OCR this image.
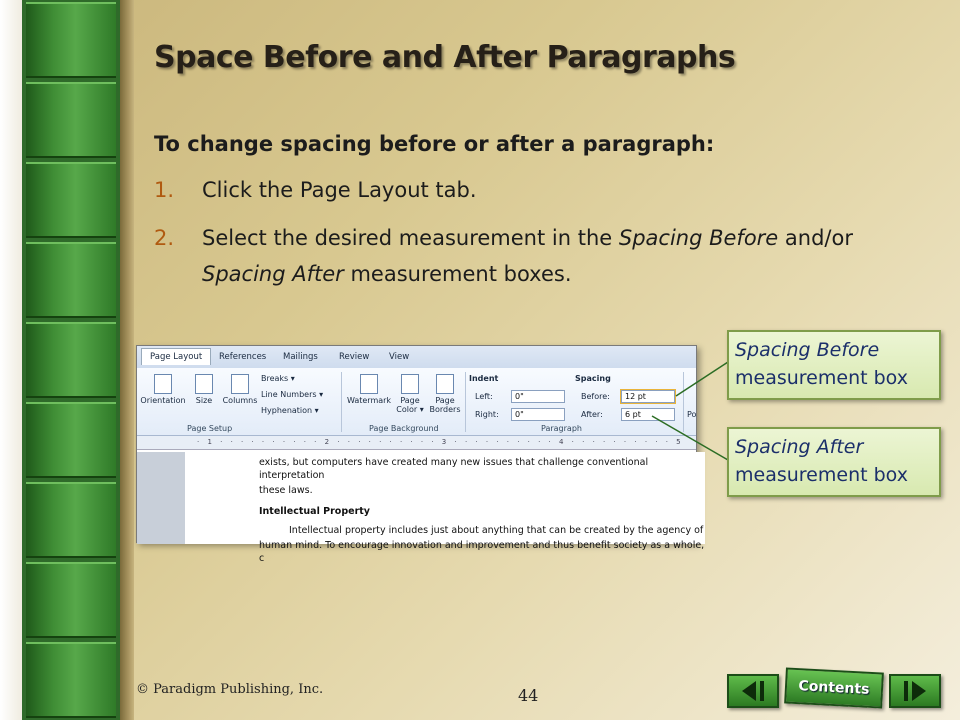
Space Before and After Paragraphs
To change spacing before or after a paragraph:
1. Click the Page Layout tab.
2. Select the desired measurement in the Spacing Before and/or Spacing After measurement boxes.
Page Layout	References	Mailings	Review	View
Orientation	Size	Columns
Breaks ▾
Line Numbers ▾
Hyphenation ▾
Page Setup
Watermark	Page Color ▾
Page Borders
Page Background
Indent
Left:	0"
Right:	0"
Spacing
Before:	12 pt
After:	6 pt
Paragraph
Po
· 1 · · · · · · · · · · 2 · · · · · · · · · · 3 · · · · · · · · · · 4 · · · · · · · · · · 5

exists, but computers have created many new issues that challenge conventional interpretation

these laws.

Intellectual Property

Intellectual property includes just about anything that can be created by the agency of

human mind. To encourage innovation and improvement and thus benefit society as a whole, c

Spacing Before
measurement box
Spacing After
measurement box
© Paradigm Publishing, Inc.	44	Contents
